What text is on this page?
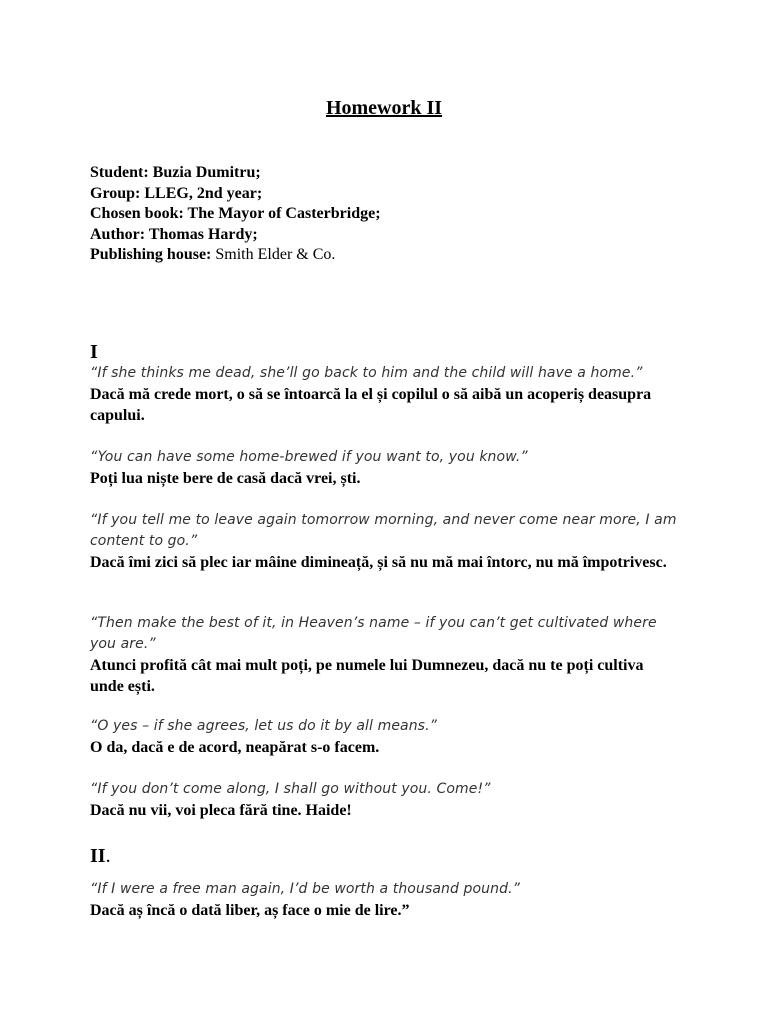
Homework II
Student: Buzia Dumitru;
Group: LLEG, 2nd year;
Chosen book: The Mayor of Casterbridge;
Author: Thomas Hardy;
Publishing house: Smith Elder & Co.
I
“If she thinks me dead, she’ll go back to him and the child will have a home.”
Dacă mă crede mort, o să se întoarcă la el și copilul o să aibă un acoperiș deasupra capului.
“You can have some home-brewed if you want to, you know.”
Poți lua niște bere de casă dacă vrei, ști.
“If you tell me to leave again tomorrow morning, and never come near more, I am content to go.”
Dacă îmi zici să plec iar mâine dimineață, și să nu mă mai întorc, nu mă împotrivesc.
“Then make the best of it, in Heaven’s name – if you can’t get cultivated where you are.”
Atunci profită cât mai mult poți, pe numele lui Dumnezeu, dacă nu te poți cultiva unde ești.
“O yes – if she agrees, let us do it by all means.”
O da, dacă e de acord, neapărat s-o facem.
“If you don’t come along, I shall go without you. Come!”
Dacă nu vii, voi pleca fără tine. Haide!
II.
“If I were a free man again, I’d be worth a thousand pound.”
Dacă aș încă o dată liber, aș face o mie de lire.”
